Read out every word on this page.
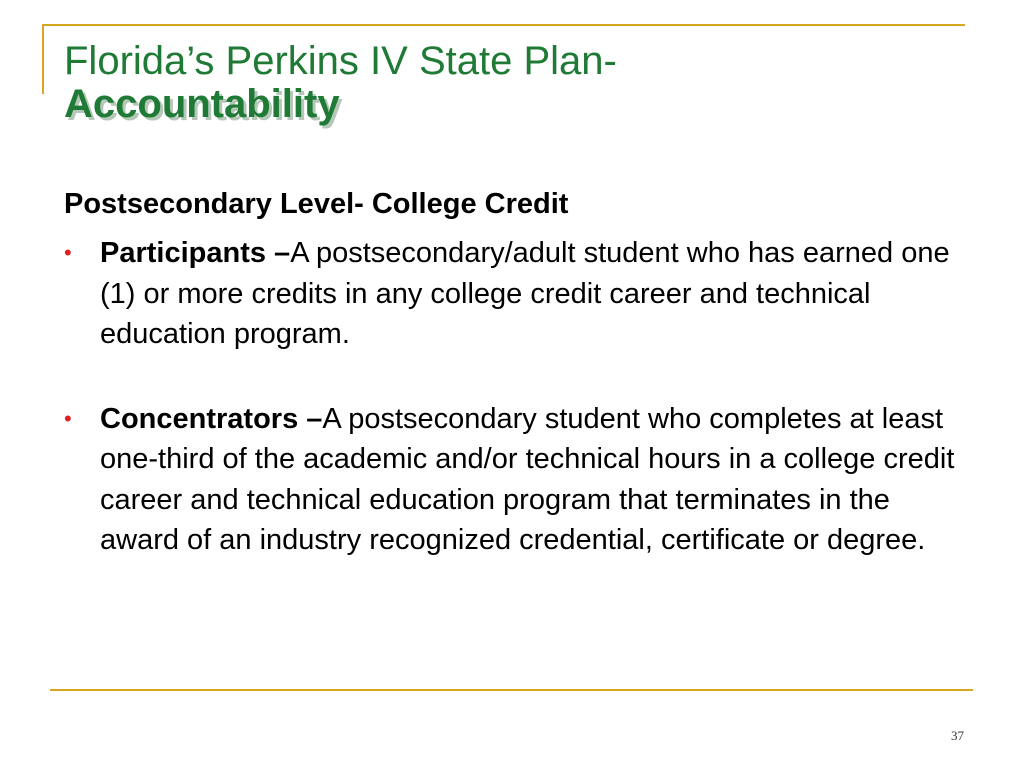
Florida’s Perkins IV State Plan-
Accountability
Postsecondary Level- College Credit
• Participants –A postsecondary/adult student who has earned one (1) or more credits in any college credit career and technical education program.
• Concentrators –A postsecondary student who completes at least one-third of the academic and/or technical hours in a college credit career and technical education program that terminates in the award of an industry recognized credential, certificate or degree.
37
